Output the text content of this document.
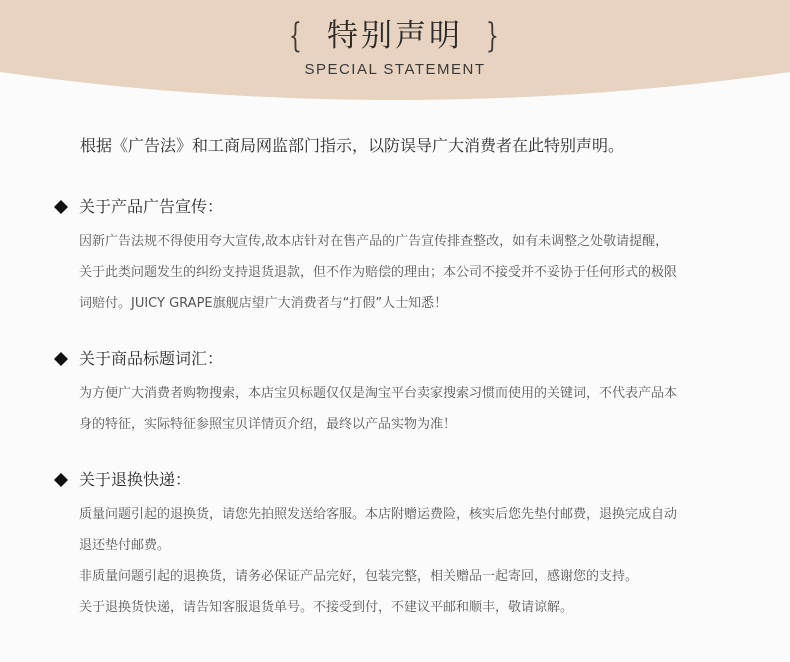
{ 特别声明 }
SPECIAL STATEMENT
根据《广告法》和工商局网监部门指示，以防误导广大消费者在此特别声明。
关于产品广告宣传：
因新广告法规不得使用夸大宣传,故本店针对在售产品的广告宣传排查整改，如有未调整之处敬请提醒，
关于此类问题发生的纠纷支持退货退款，但不作为赔偿的理由；本公司不接受并不妥协于任何形式的极限
词赔付。JUICY GRAPE旗舰店望广大消费者与“打假”人士知悉！
关于商品标题词汇：
为方便广大消费者购物搜索，本店宝贝标题仅仅是淘宝平台卖家搜索习惯而使用的关键词，不代表产品本
身的特征，实际特征参照宝贝详情页介绍，最终以产品实物为准！
关于退换快递：
质量问题引起的退换货，请您先拍照发送给客服。本店附赠运费险，核实后您先垫付邮费，退换完成自动
退还垫付邮费。
非质量问题引起的退换货，请务必保证产品完好，包装完整，相关赠品一起寄回，感谢您的支持。
关于退换货快递，请告知客服退货单号。不接受到付，不建议平邮和顺丰，敬请谅解。
